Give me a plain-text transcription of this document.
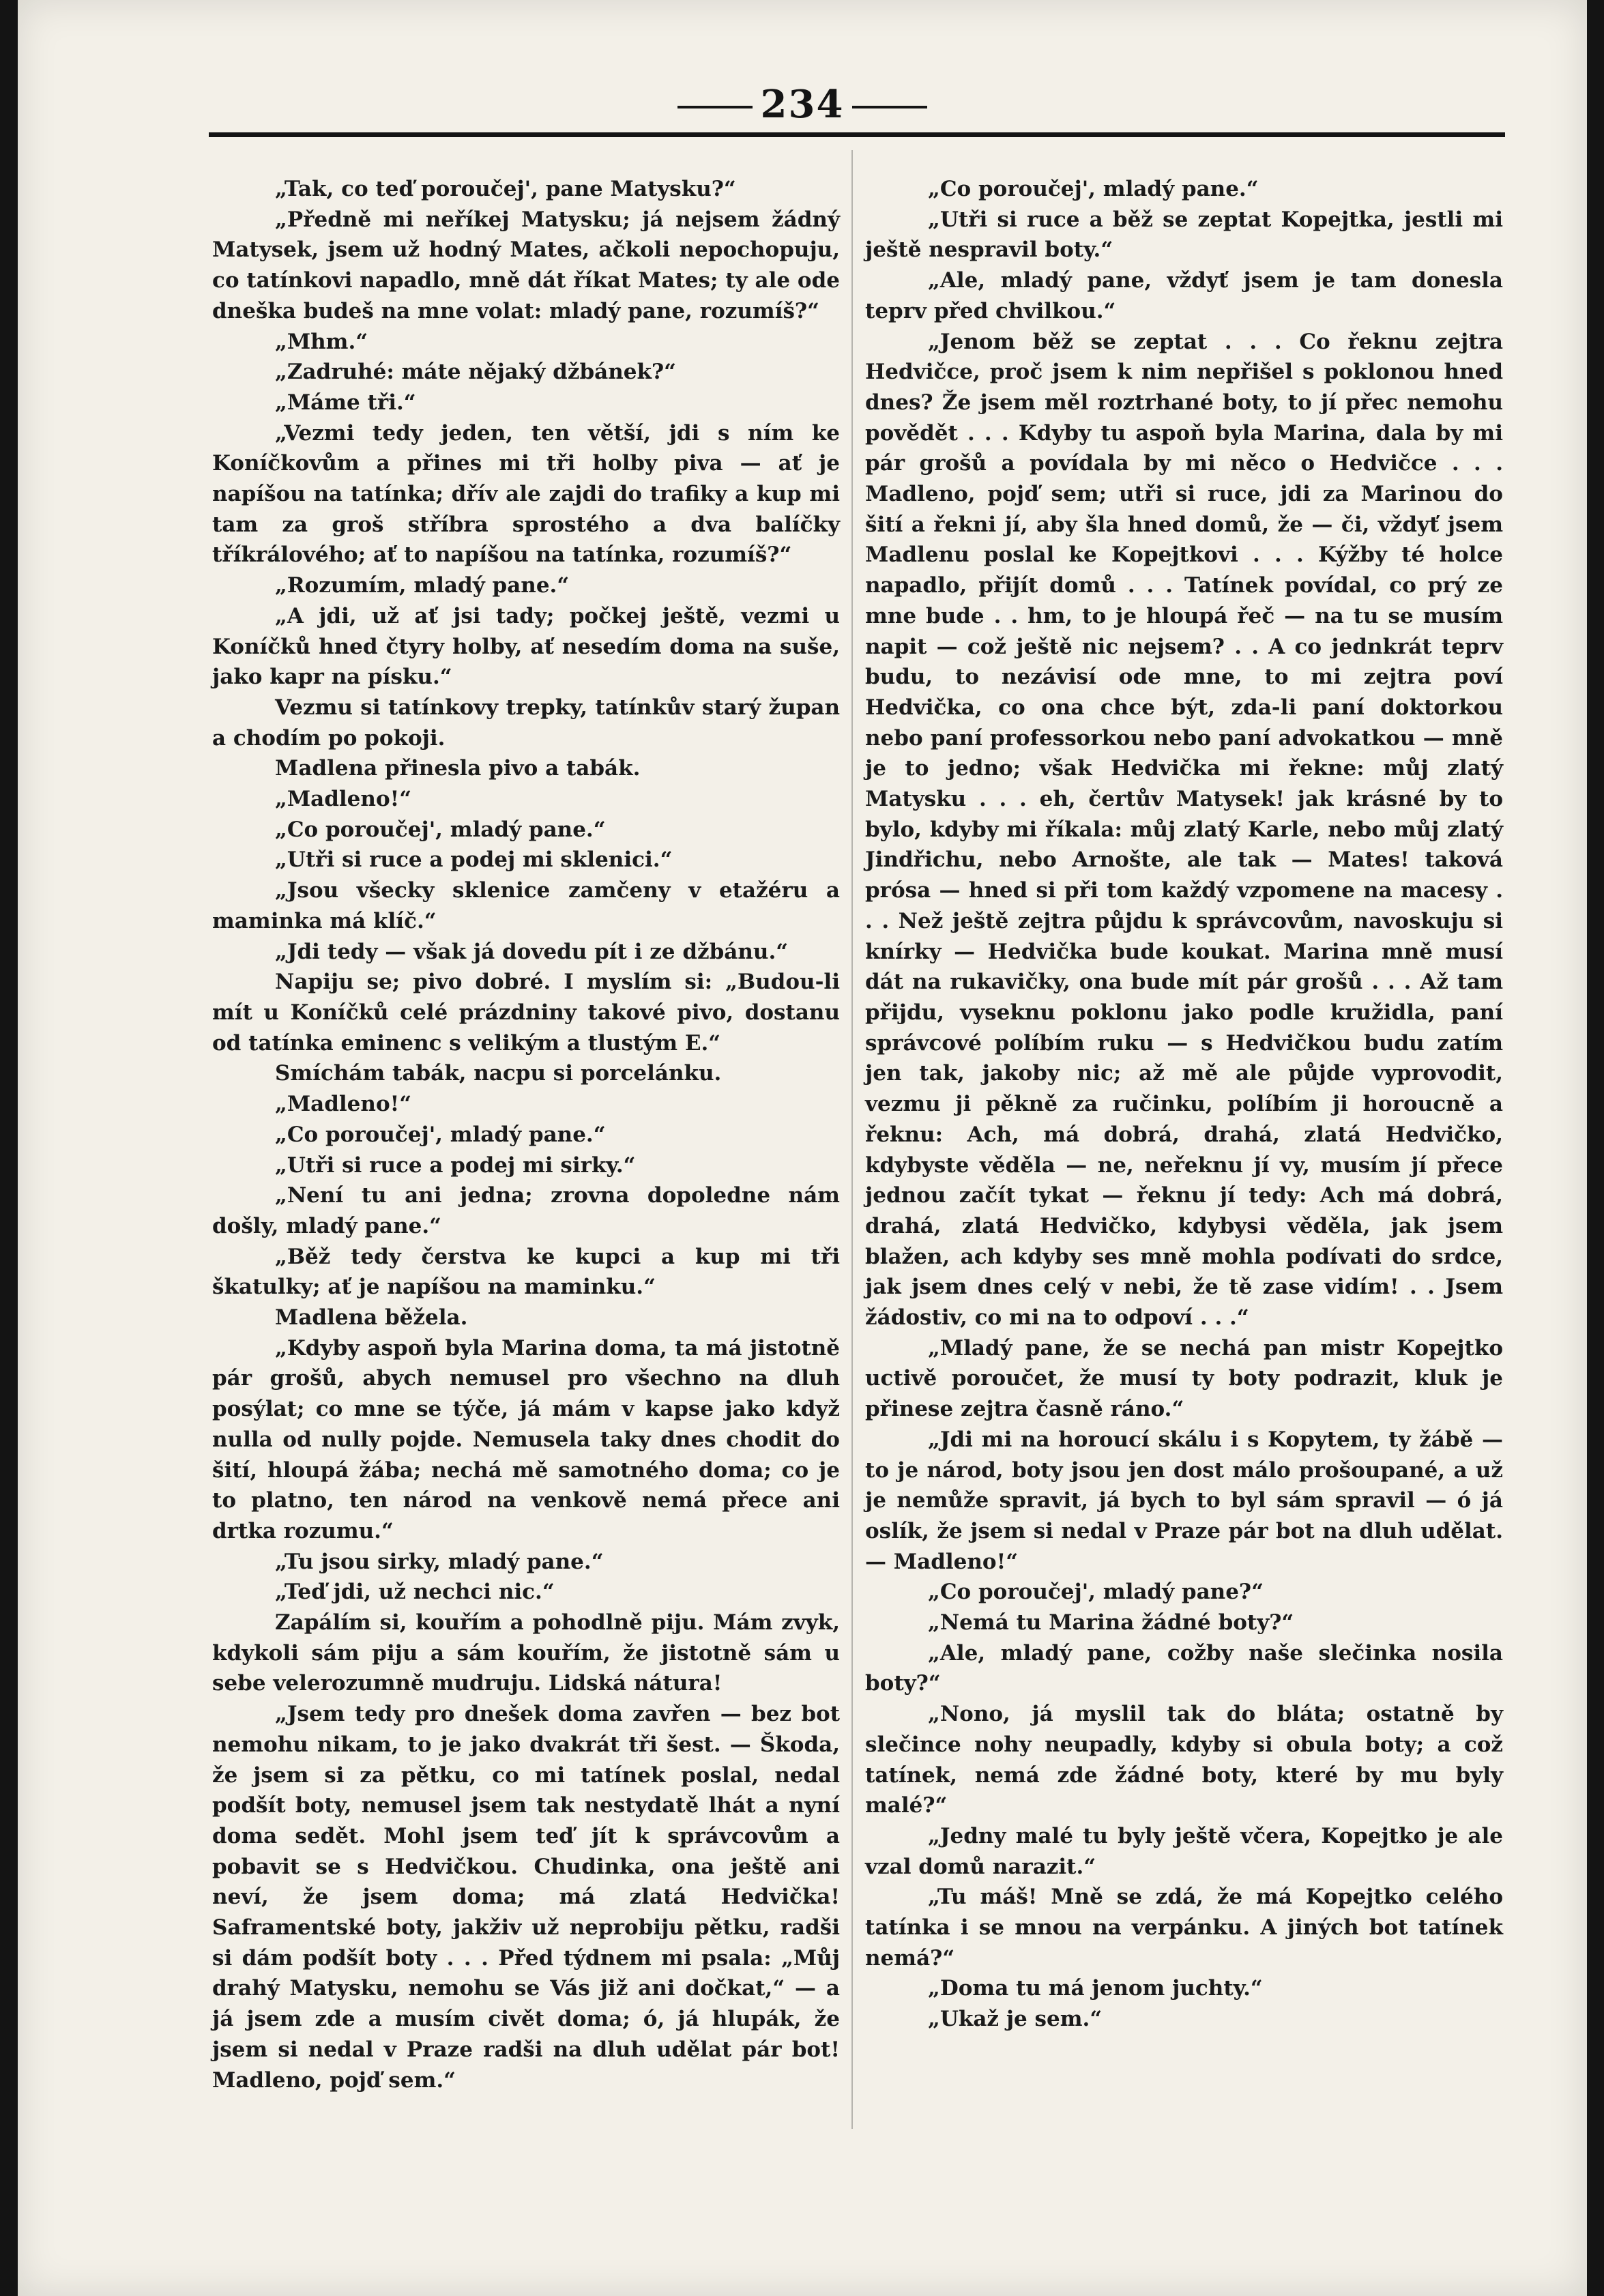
234

„Tak, co teď poroučej', pane Matysku?“

„Předně mi neříkej Matysku; já nejsem žádný Matysek, jsem už hodný Mates, ačkoli nepochopuju, co tatínkovi napadlo, mně dát říkat Mates; ty ale ode dneška budeš na mne volat: mladý pane, rozumíš?“

„Mhm.“

„Zadruhé: máte nějaký džbánek?“

„Máme tři.“

„Vezmi tedy jeden, ten větší, jdi s ním ke Koníčkovům a přines mi tři holby piva — ať je napíšou na tatínka; dřív ale zajdi do trafiky a kup mi tam za groš stříbra sprostého a dva balíčky tříkrálového; ať to napíšou na tatínka, rozumíš?“

„Rozumím, mladý pane.“

„A jdi, už ať jsi tady; počkej ještě, vezmi u Koníčků hned čtyry holby, ať nesedím doma na suše, jako kapr na písku.“

Vezmu si tatínkovy trepky, tatínkův starý župan a chodím po pokoji.

Madlena přinesla pivo a tabák.

„Madleno!“

„Co poroučej', mladý pane.“

„Utři si ruce a podej mi sklenici.“

„Jsou všecky sklenice zamčeny v etažéru a maminka má klíč.“

„Jdi tedy — však já dovedu pít i ze džbánu.“

Napiju se; pivo dobré. I myslím si: „Budou-li mít u Koníčků celé prázdniny takové pivo, dostanu od tatínka eminenc s velikým a tlustým E.“

Smíchám tabák, nacpu si porcelánku.

„Madleno!“

„Co poroučej', mladý pane.“

„Utři si ruce a podej mi sirky.“

„Není tu ani jedna; zrovna dopoledne nám došly, mladý pane.“

„Běž tedy čerstva ke kupci a kup mi tři škatulky; ať je napíšou na maminku.“

Madlena běžela.

„Kdyby aspoň byla Marina doma, ta má jistotně pár grošů, abych nemusel pro všechno na dluh posýlat; co mne se týče, já mám v kapse jako když nulla od nully pojde. Nemusela taky dnes chodit do šití, hloupá žába; nechá mě samotného doma; co je to platno, ten národ na venkově nemá přece ani drtka rozumu.“

„Tu jsou sirky, mladý pane.“

„Teď jdi, už nechci nic.“

Zapálím si, kouřím a pohodlně piju. Mám zvyk, kdykoli sám piju a sám kouřím, že jistotně sám u sebe velerozumně mudruju. Lidská nátura!

„Jsem tedy pro dnešek doma zavřen — bez bot nemohu nikam, to je jako dvakrát tři šest. — Škoda, že jsem si za pětku, co mi tatínek poslal, nedal podšít boty, nemusel jsem tak nestydatě lhát a nyní doma sedět. Mohl jsem teď jít k správcovům a pobavit se s Hedvičkou. Chudinka, ona ještě ani neví, že jsem doma; má zlatá Hedvička! Saframentské boty, jakživ už neprobiju pětku, radši si dám podšít boty . . . Před týdnem mi psala: „Můj drahý Matysku, nemohu se Vás již ani dočkat,“ — a já jsem zde a musím civět doma; ó, já hlupák, že jsem si nedal v Praze radši na dluh udělat pár bot! Madleno, pojď sem.“

„Co poroučej', mladý pane.“

„Utři si ruce a běž se zeptat Kopejtka, jestli mi ještě nespravil boty.“

„Ale, mladý pane, vždyť jsem je tam donesla teprv před chvilkou.“

„Jenom běž se zeptat . . . Co řeknu zejtra Hedvičce, proč jsem k nim nepřišel s poklonou hned dnes? Že jsem měl roztrhané boty, to jí přec nemohu povědět . . . Kdyby tu aspoň byla Marina, dala by mi pár grošů a povídala by mi něco o Hedvičce . . . Madleno, pojď sem; utři si ruce, jdi za Marinou do šití a řekni jí, aby šla hned domů, že — či, vždyť jsem Madlenu poslal ke Kopejtkovi . . . Kýžby té holce napadlo, přijít domů . . . Tatínek povídal, co prý ze mne bude . . hm, to je hloupá řeč — na tu se musím napit — což ještě nic nejsem? . . A co jednkrát teprv budu, to nezávisí ode mne, to mi zejtra poví Hedvička, co ona chce být, zda-li paní doktorkou nebo paní professorkou nebo paní advokatkou — mně je to jedno; však Hedvička mi řekne: můj zlatý Matysku . . . eh, čertův Matysek! jak krásné by to bylo, kdyby mi říkala: můj zlatý Karle, nebo můj zlatý Jindřichu, nebo Arnošte, ale tak — Mates! taková prósa — hned si při tom každý vzpomene na macesy . . . Než ještě zejtra půjdu k správcovům, navoskuju si knírky — Hedvička bude koukat. Marina mně musí dát na rukavičky, ona bude mít pár grošů . . . Až tam přijdu, vyseknu poklonu jako podle kružidla, paní správcové políbím ruku — s Hedvičkou budu zatím jen tak, jakoby nic; až mě ale půjde vyprovodit, vezmu ji pěkně za ručinku, políbím ji horoucně a řeknu: Ach, má dobrá, drahá, zlatá Hedvičko, kdybyste věděla — ne, neřeknu jí vy, musím jí přece jednou začít tykat — řeknu jí tedy: Ach má dobrá, drahá, zlatá Hedvičko, kdybysi věděla, jak jsem blažen, ach kdyby ses mně mohla podívati do srdce, jak jsem dnes celý v nebi, že tě zase vidím! . . Jsem žádostiv, co mi na to odpoví . . .“

„Mladý pane, že se nechá pan mistr Kopejtko uctivě poroučet, že musí ty boty podrazit, kluk je přinese zejtra časně ráno.“

„Jdi mi na horoucí skálu i s Kopytem, ty žábě — to je národ, boty jsou jen dost málo prošoupané, a už je nemůže spravit, já bych to byl sám spravil — ó já oslík, že jsem si nedal v Praze pár bot na dluh udělat. — Madleno!“

„Co poroučej', mladý pane?“

„Nemá tu Marina žádné boty?“

„Ale, mladý pane, cožby naše slečinka nosila boty?“

„Nono, já myslil tak do bláta; ostatně by slečince nohy neupadly, kdyby si obula boty; a což tatínek, nemá zde žádné boty, které by mu byly malé?“

„Jedny malé tu byly ještě včera, Kopejtko je ale vzal domů narazit.“

„Tu máš! Mně se zdá, že má Kopejtko celého tatínka i se mnou na verpánku. A jiných bot tatínek nemá?“

„Doma tu má jenom juchty.“

„Ukaž je sem.“
